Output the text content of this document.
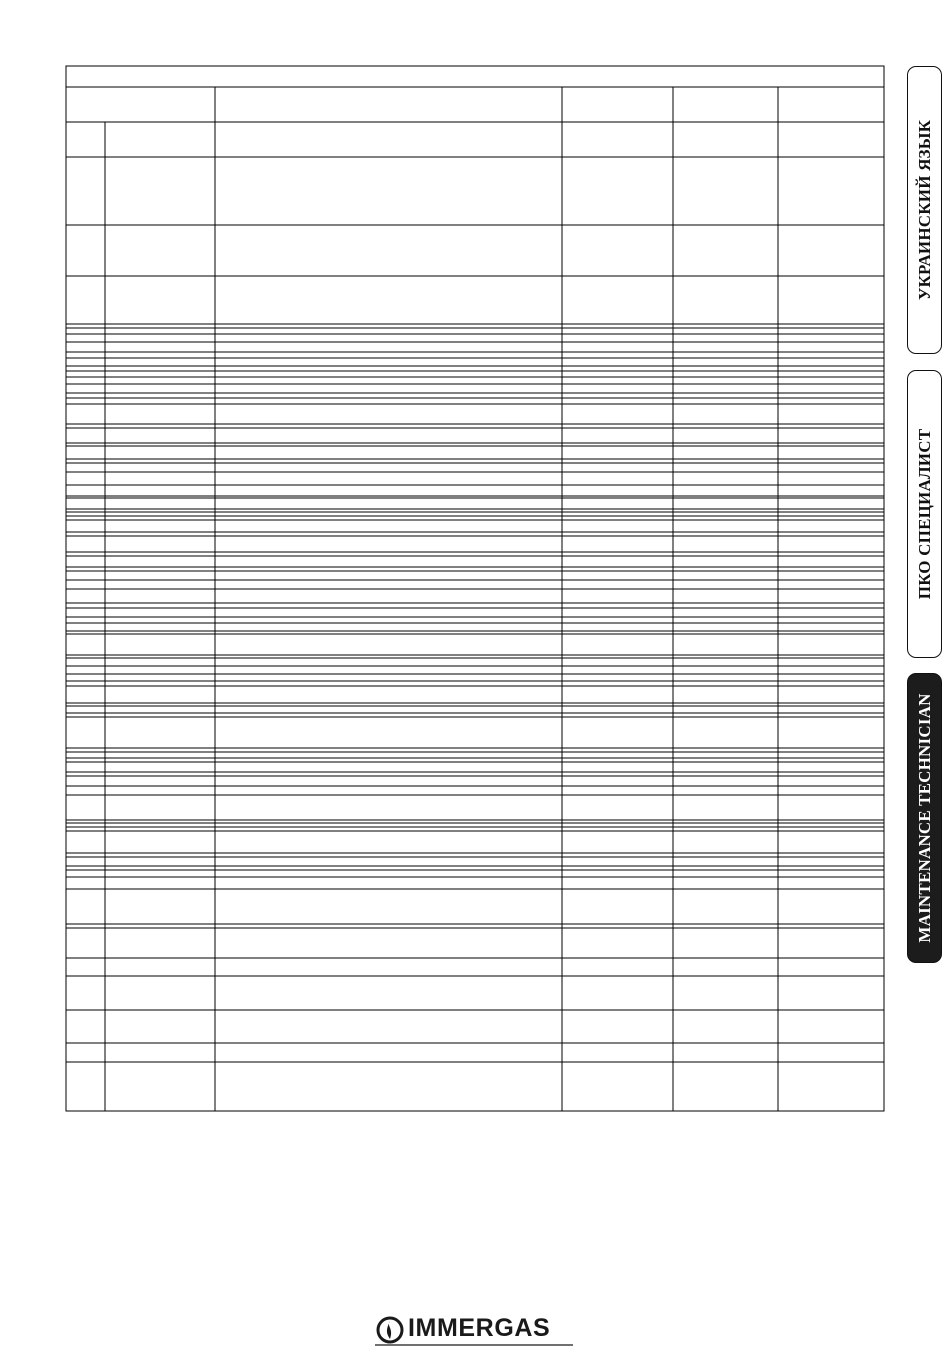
УКРАИНСКИЙ ЯЗЫК
ПКО СПЕЦИАЛИСТ
MAINTENANCE TECHNICIAN
IMMERGAS
